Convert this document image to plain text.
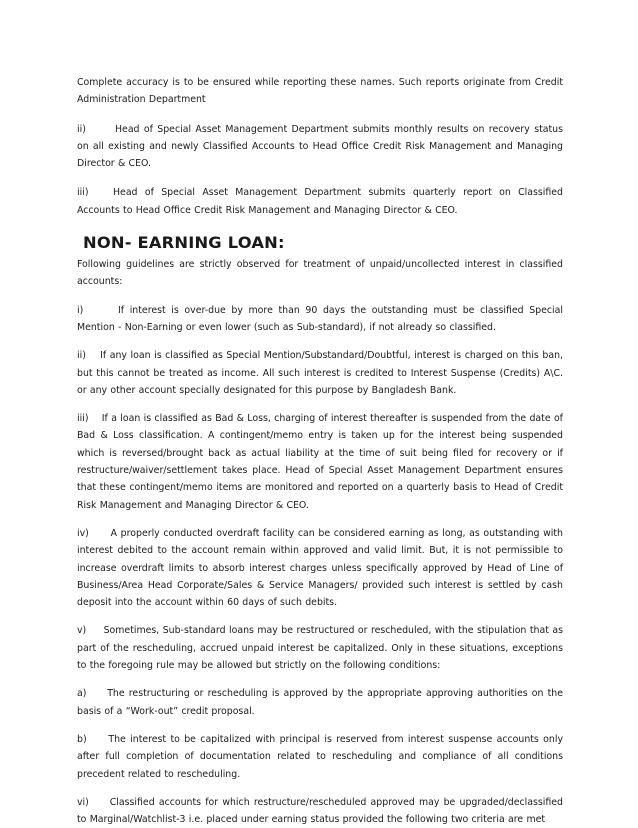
Complete accuracy is to be ensured while reporting these names. Such reports originate from Credit Administration Department

ii)	Head of Special Asset Management Department submits monthly results on recovery status on all existing and newly Classified Accounts to Head Office Credit Risk Management and Managing Director & CEO.

iii)	Head of Special Asset Management Department submits quarterly report on Classified Accounts to Head Office Credit Risk Management and Managing Director & CEO.

NON- EARNING LOAN:

Following guidelines are strictly observed for treatment of unpaid/uncollected interest in classified accounts:

i)	If interest is over-due by more than 90 days the outstanding must be classified Special Mention - Non-Earning or even lower (such as Sub-standard), if not already so classified.

ii) If any loan is classified as Special Mention/Substandard/Doubtful, interest is charged on this ban, but this cannot be treated as income. All such interest is credited to Interest Suspense (Credits) A\C. or any other account specially designated for this purpose by Bangladesh Bank.

iii) If a loan is classified as Bad & Loss, charging of interest thereafter is suspended from the date of Bad & Loss classification. A contingent/memo entry is taken up for the interest being suspended which is reversed/brought back as actual liability at the time of suit being filed for recovery or if restructure/waiver/settlement takes place. Head of Special Asset Management Department ensures that these contingent/memo items are monitored and reported on a quarterly basis to Head of Credit Risk Management and Managing Director & CEO.

iv) A properly conducted overdraft facility can be considered earning as long, as outstanding with interest debited to the account remain within approved and valid limit. But, it is not permissible to increase overdraft limits to absorb interest charges unless specifically approved by Head of Line of Business/Area Head Corporate/Sales & Service Managers/ provided such interest is settled by cash deposit into the account within 60 days of such debits.

v) Sometimes, Sub-standard loans may be restructured or rescheduled, with the stipulation that as part of the rescheduling, accrued unpaid interest be capitalized. Only in these situations, exceptions to the foregoing rule may be allowed but strictly on the following conditions:

a) The restructuring or rescheduling is approved by the appropriate approving authorities on the basis of a “Work-out” credit proposal.

b) The interest to be capitalized with principal is reserved from interest suspense accounts only after full completion of documentation related to rescheduling and compliance of all conditions precedent related to rescheduling.

vi) Classified accounts for which restructure/rescheduled approved may be upgraded/declassified to Marginal/Watchlist-3 i.e. placed under earning status provided the following two criteria are met
